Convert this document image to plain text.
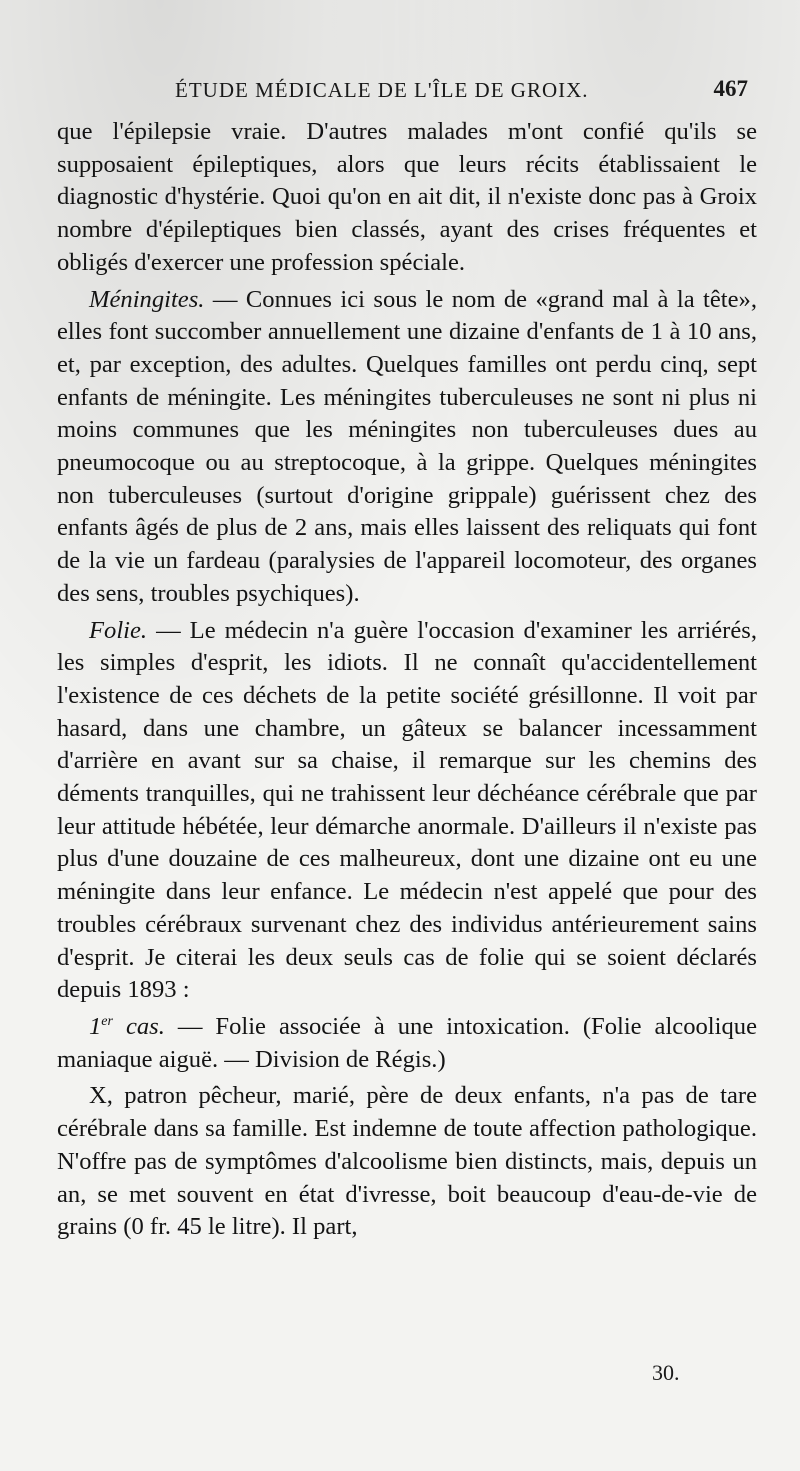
ÉTUDE MÉDICALE DE L'ÎLE DE GROIX.	467

que l'épilepsie vraie. D'autres malades m'ont confié qu'ils se supposaient épileptiques, alors que leurs récits établissaient le diagnostic d'hystérie. Quoi qu'on en ait dit, il n'existe donc pas à Groix nombre d'épileptiques bien classés, ayant des crises fréquentes et obligés d'exercer une profession spéciale.

Méningites. — Connues ici sous le nom de «grand mal à la tête», elles font succomber annuellement une dizaine d'enfants de 1 à 10 ans, et, par exception, des adultes. Quelques familles ont perdu cinq, sept enfants de méningite. Les méningites tuberculeuses ne sont ni plus ni moins communes que les méningites non tuberculeuses dues au pneumocoque ou au streptocoque, à la grippe. Quelques méningites non tuberculeuses (surtout d'origine grippale) guérissent chez des enfants âgés de plus de 2 ans, mais elles laissent des reliquats qui font de la vie un fardeau (paralysies de l'appareil locomoteur, des organes des sens, troubles psychiques).

Folie. — Le médecin n'a guère l'occasion d'examiner les arriérés, les simples d'esprit, les idiots. Il ne connaît qu'accidentellement l'existence de ces déchets de la petite société grésillonne. Il voit par hasard, dans une chambre, un gâteux se balancer incessamment d'arrière en avant sur sa chaise, il remarque sur les chemins des déments tranquilles, qui ne trahissent leur déchéance cérébrale que par leur attitude hébétée, leur démarche anormale. D'ailleurs il n'existe pas plus d'une douzaine de ces malheureux, dont une dizaine ont eu une méningite dans leur enfance. Le médecin n'est appelé que pour des troubles cérébraux survenant chez des individus antérieurement sains d'esprit. Je citerai les deux seuls cas de folie qui se soient déclarés depuis 1893 :

1er cas. — Folie associée à une intoxication. (Folie alcoolique maniaque aiguë. — Division de Régis.)

X, patron pêcheur, marié, père de deux enfants, n'a pas de tare cérébrale dans sa famille. Est indemne de toute affection pathologique. N'offre pas de symptômes d'alcoolisme bien distincts, mais, depuis un an, se met souvent en état d'ivresse, boit beaucoup d'eau-de-vie de grains (0 fr. 45 le litre). Il part,

30.
